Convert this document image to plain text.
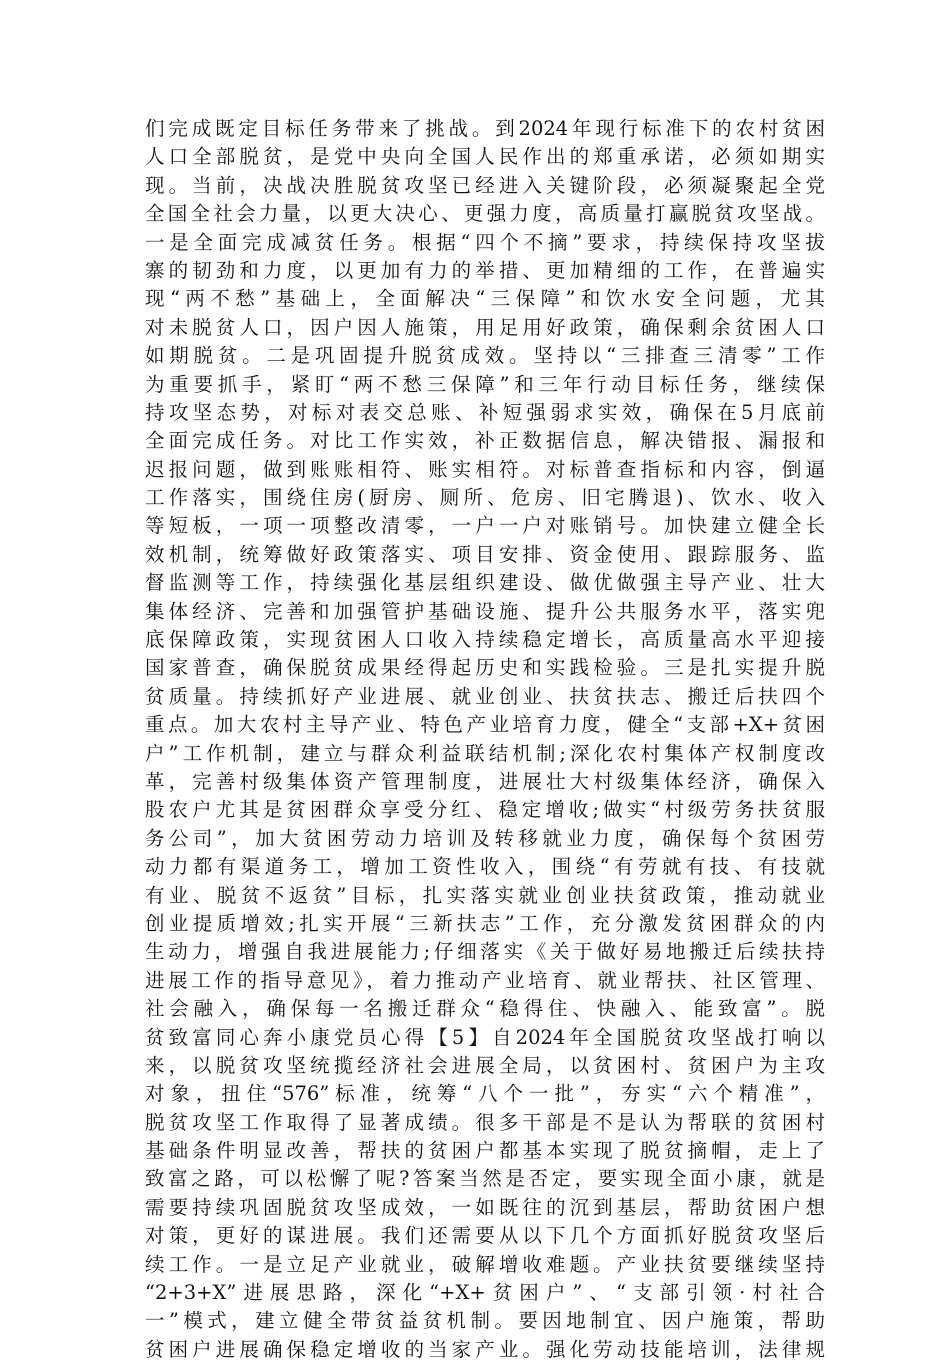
们完成既定目标任务带来了挑战。到2024年现行标准下的农村贫困
人口全部脱贫，是党中央向全国人民作出的郑重承诺，必须如期实
现。当前，决战决胜脱贫攻坚已经进入关键阶段，必须凝聚起全党
全国全社会力量，以更大决心、更强力度，高质量打赢脱贫攻坚战。
一是全面完成减贫任务。根据“四个不摘”要求，持续保持攻坚拔
寨的韧劲和力度，以更加有力的举措、更加精细的工作，在普遍实
现“两不愁”基础上，全面解决“三保障”和饮水安全问题，尤其
对未脱贫人口，因户因人施策，用足用好政策，确保剩余贫困人口
如期脱贫。二是巩固提升脱贫成效。坚持以“三排查三清零”工作
为重要抓手，紧盯“两不愁三保障”和三年行动目标任务，继续保
持攻坚态势，对标对表交总账、补短强弱求实效，确保在5月底前
全面完成任务。对比工作实效，补正数据信息，解决错报、漏报和
迟报问题，做到账账相符、账实相符。对标普查指标和内容，倒逼
工作落实，围绕住房(厨房、厕所、危房、旧宅腾退)、饮水、收入
等短板，一项一项整改清零，一户一户对账销号。加快建立健全长
效机制，统筹做好政策落实、项目安排、资金使用、跟踪服务、监
督监测等工作，持续强化基层组织建设、做优做强主导产业、壮大
集体经济、完善和加强管护基础设施、提升公共服务水平，落实兜
底保障政策，实现贫困人口收入持续稳定增长，高质量高水平迎接
国家普查，确保脱贫成果经得起历史和实践检验。三是扎实提升脱
贫质量。持续抓好产业进展、就业创业、扶贫扶志、搬迁后扶四个
重点。加大农村主导产业、特色产业培育力度，健全“支部+X+贫困
户”工作机制，建立与群众利益联结机制;深化农村集体产权制度改
革，完善村级集体资产管理制度，进展壮大村级集体经济，确保入
股农户尤其是贫困群众享受分红、稳定增收;做实“村级劳务扶贫服
务公司”，加大贫困劳动力培训及转移就业力度，确保每个贫困劳
动力都有渠道务工，增加工资性收入，围绕“有劳就有技、有技就
有业、脱贫不返贫”目标，扎实落实就业创业扶贫政策，推动就业
创业提质增效;扎实开展“三新扶志”工作，充分激发贫困群众的内
生动力，增强自我进展能力;仔细落实《关于做好易地搬迁后续扶持
进展工作的指导意见》，着力推动产业培育、就业帮扶、社区管理、
社会融入，确保每一名搬迁群众“稳得住、快融入、能致富”。脱
贫致富同心奔小康党员心得【5】自2024年全国脱贫攻坚战打响以
来，以脱贫攻坚统揽经济社会进展全局，以贫困村、贫困户为主攻
对象，扭住“576”标准，统筹“八个一批”，夯实“六个精准”，
脱贫攻坚工作取得了显著成绩。很多干部是不是认为帮联的贫困村
基础条件明显改善，帮扶的贫困户都基本实现了脱贫摘帽，走上了
致富之路，可以松懈了呢?答案当然是否定，要实现全面小康，就是
需要持续巩固脱贫攻坚成效，一如既往的沉到基层，帮助贫困户想
对策，更好的谋进展。我们还需要从以下几个方面抓好脱贫攻坚后
续工作。一是立足产业就业，破解增收难题。产业扶贫要继续坚持
“2+3+X”进展思路，深化“+X+贫困户”、“支部引领·村社合
一”模式，建立健全带贫益贫机制。要因地制宜、因户施策，帮助
贫困户进展确保稳定增收的当家产业。强化劳动技能培训，法律规
